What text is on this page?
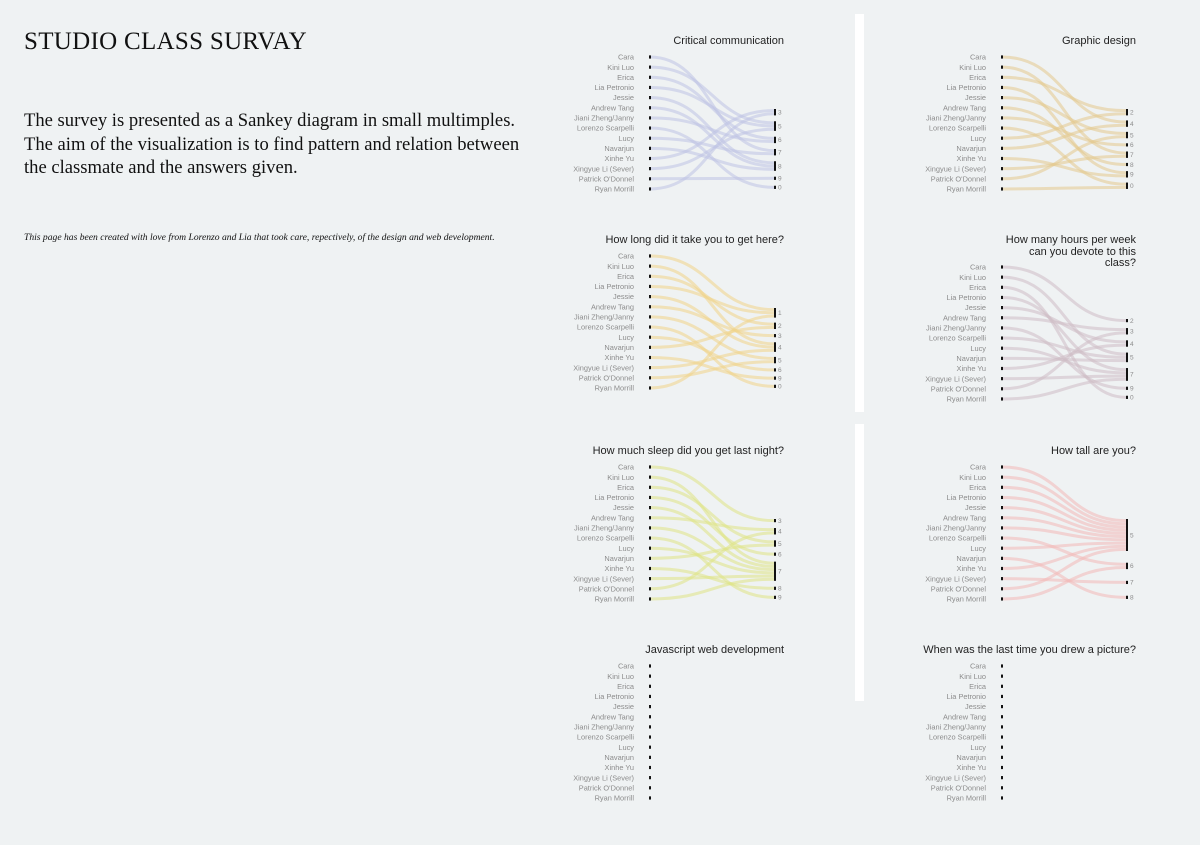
STUDIO CLASS SURVAY

The survey is presented as a Sankey diagram in small multimples. The aim of the visualization is to find pattern and relation between the classmate and the answers given.

This page has been created with love from Lorenzo and Lia that took care, repectively, of the design and web development.

Critical communication
Cara
Kini Luo
Erica
Lia Petronio
Jessie
Andrew Tang
Jiani Zheng/Janny
Lorenzo Scarpelli
Lucy
Navarjun
Xinhe Yu
Xingyue Li (Sever)
Patrick O'Donnel
Ryan Morrill
3
5
6
7
8
9
0
Graphic design
Cara
Kini Luo
Erica
Lia Petronio
Jessie
Andrew Tang
Jiani Zheng/Janny
Lorenzo Scarpelli
Lucy
Navarjun
Xinhe Yu
Xingyue Li (Sever)
Patrick O'Donnel
Ryan Morrill
2
4
5
6
7
8
9
0
How long did it take you to get here?
Cara
Kini Luo
Erica
Lia Petronio
Jessie
Andrew Tang
Jiani Zheng/Janny
Lorenzo Scarpelli
Lucy
Navarjun
Xinhe Yu
Xingyue Li (Sever)
Patrick O'Donnel
Ryan Morrill
1
2
3
4
5
6
9
0
How many hours per week can you devote to this class?
Cara
Kini Luo
Erica
Lia Petronio
Jessie
Andrew Tang
Jiani Zheng/Janny
Lorenzo Scarpelli
Lucy
Navarjun
Xinhe Yu
Xingyue Li (Sever)
Patrick O'Donnel
Ryan Morrill
2
3
4
5
7
9
0
How much sleep did you get last night?
Cara
Kini Luo
Erica
Lia Petronio
Jessie
Andrew Tang
Jiani Zheng/Janny
Lorenzo Scarpelli
Lucy
Navarjun
Xinhe Yu
Xingyue Li (Sever)
Patrick O'Donnel
Ryan Morrill
3
4
5
6
7
8
9
How tall are you?
Cara
Kini Luo
Erica
Lia Petronio
Jessie
Andrew Tang
Jiani Zheng/Janny
Lorenzo Scarpelli
Lucy
Navarjun
Xinhe Yu
Xingyue Li (Sever)
Patrick O'Donnel
Ryan Morrill
5
6
7
8
Javascript web development
Cara
Kini Luo
Erica
Lia Petronio
Jessie
Andrew Tang
Jiani Zheng/Janny
Lorenzo Scarpelli
Lucy
Navarjun
Xinhe Yu
Xingyue Li (Sever)
Patrick O'Donnel
Ryan Morrill
When was the last time you drew a picture?
Cara
Kini Luo
Erica
Lia Petronio
Jessie
Andrew Tang
Jiani Zheng/Janny
Lorenzo Scarpelli
Lucy
Navarjun
Xinhe Yu
Xingyue Li (Sever)
Patrick O'Donnel
Ryan Morrill
